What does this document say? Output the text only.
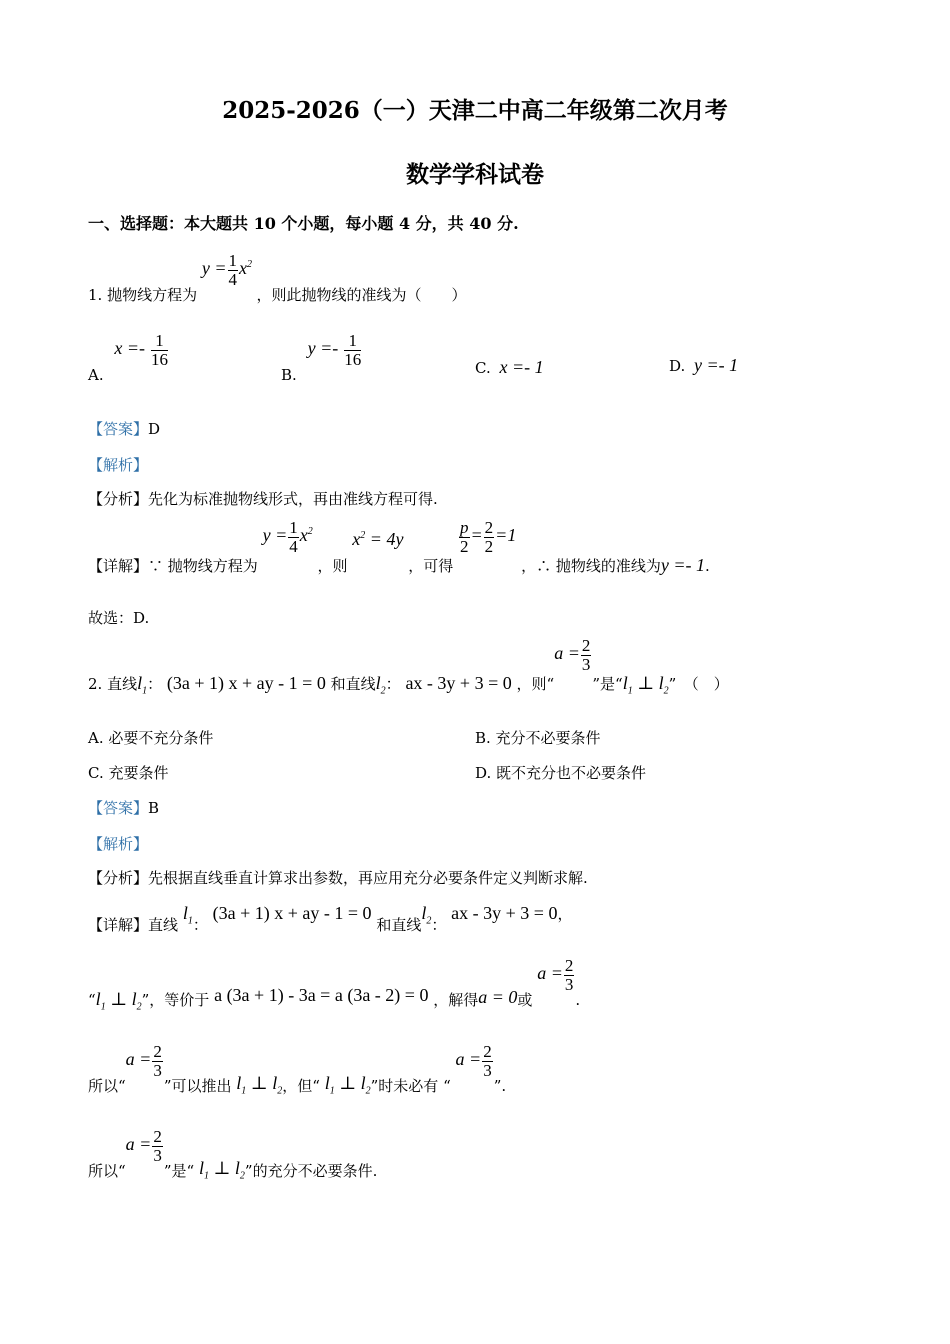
2025-2026（一）天津二中高二年级第二次月考
数学学科试卷
一、选择题：本大题共 10 个小题，每小题 4 分，共 40 分.
1. 抛物线方程为 $y = \frac{1}{4} x^2$ ，则此抛物线的准线为（　　）
A. $x =- \frac{1}{16}$
B. $y =- \frac{1}{16}$	C. x =- 1	D. y =- 1
【答案】D
【解析】
【分析】先化为标准抛物线形式，再由准线方程可得.
【详解】∵ 抛物线方程为 $y = \frac{1}{4} x^2$ ，则 $x^2 = 4y$ ，可得
$\frac{p}{2} = \frac{2}{2} =1$ ，∴ 抛物线的准线为y =- 1.
故选：D.
2. 直线$l_1$： (3a + 1) x + ay - 1 = 0 和直线$l_2$： ax - 3y + 3 = 0 ，则“$a = \frac{2}{3}$
”是“$l_1$ ⊥ $l_2$”　（　）
A. 必要不充分条件	B. 充分不必要条件
C. 充要条件	D. 既不充分也不必要条件
【答案】B
【解析】
【分析】先根据直线垂直计算求出参数，再应用充分必要条件定义判断求解.
【详解】直线 $l_1$： (3a + 1) x + ay - 1 = 0 和直线$l_2$： ax - 3y + 3 = 0，
“$l_1$ ⊥ $l_2$”，等价于 a (3a + 1) - 3a = a (3a - 2) = 0 ，解得a = 0或 $a = \frac{2}{3}$
.
所以“$a = \frac{2}{3}$
”可以推出 $l_1$ ⊥ $l_2$，但“ $l_1$ ⊥ $l_2$”时未必有 “ $a = \frac{2}{3}$
”.
所以“$a = \frac{2}{3}$
”是“ $l_1$ ⊥ $l_2$”的充分不必要条件.
